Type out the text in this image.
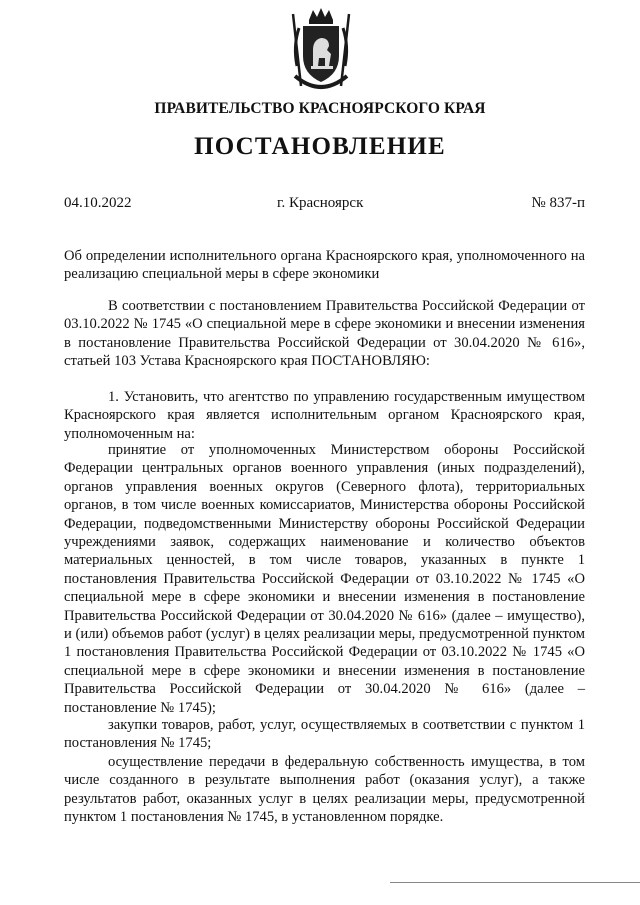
ПРАВИТЕЛЬСТВО КРАСНОЯРСКОГО КРАЯ
ПОСТАНОВЛЕНИЕ
04.10.2022	г. Красноярск	№ 837-п
Об определении исполнительного органа Красноярского края, уполномоченного на реализацию специальной меры в сфере экономики
В соответствии с постановлением Правительства Российской Федерации от 03.10.2022 № 1745 «О специальной мере в сфере экономики и внесении изменения в постановление Правительства Российской Федерации от 30.04.2020 № 616», статьей 103 Устава Красноярского края ПОСТАНОВЛЯЮ:
1. Установить, что агентство по управлению государственным имуществом Красноярского края является исполнительным органом Красноярского края, уполномоченным на:
принятие от уполномоченных Министерством обороны Российской Федерации центральных органов военного управления (иных подразделений), органов управления военных округов (Северного флота), территориальных органов, в том числе военных комиссариатов, Министерства обороны Российской Федерации, подведомственными Министерству обороны Российской Федерации учреждениями заявок, содержащих наименование и количество объектов материальных ценностей, в том числе товаров, указанных в пункте 1 постановления Правительства Российской Федерации от 03.10.2022 № 1745 «О специальной мере в сфере экономики и внесении изменения в постановление Правительства Российской Федерации от 30.04.2020 № 616» (далее – имущество), и (или) объемов работ (услуг) в целях реализации меры, предусмотренной пунктом 1 постановления Правительства Российской Федерации от 03.10.2022 № 1745 «О специальной мере в сфере экономики и внесении изменения в постановление Правительства Российской Федерации от 30.04.2020 № 616» (далее – постановление № 1745);
закупки товаров, работ, услуг, осуществляемых в соответствии с пунктом 1 постановления № 1745;
осуществление передачи в федеральную собственность имущества, в том числе созданного в результате выполнения работ (оказания услуг), а также результатов работ, оказанных услуг в целях реализации меры, предусмотренной пунктом 1 постановления № 1745, в установленном порядке.
